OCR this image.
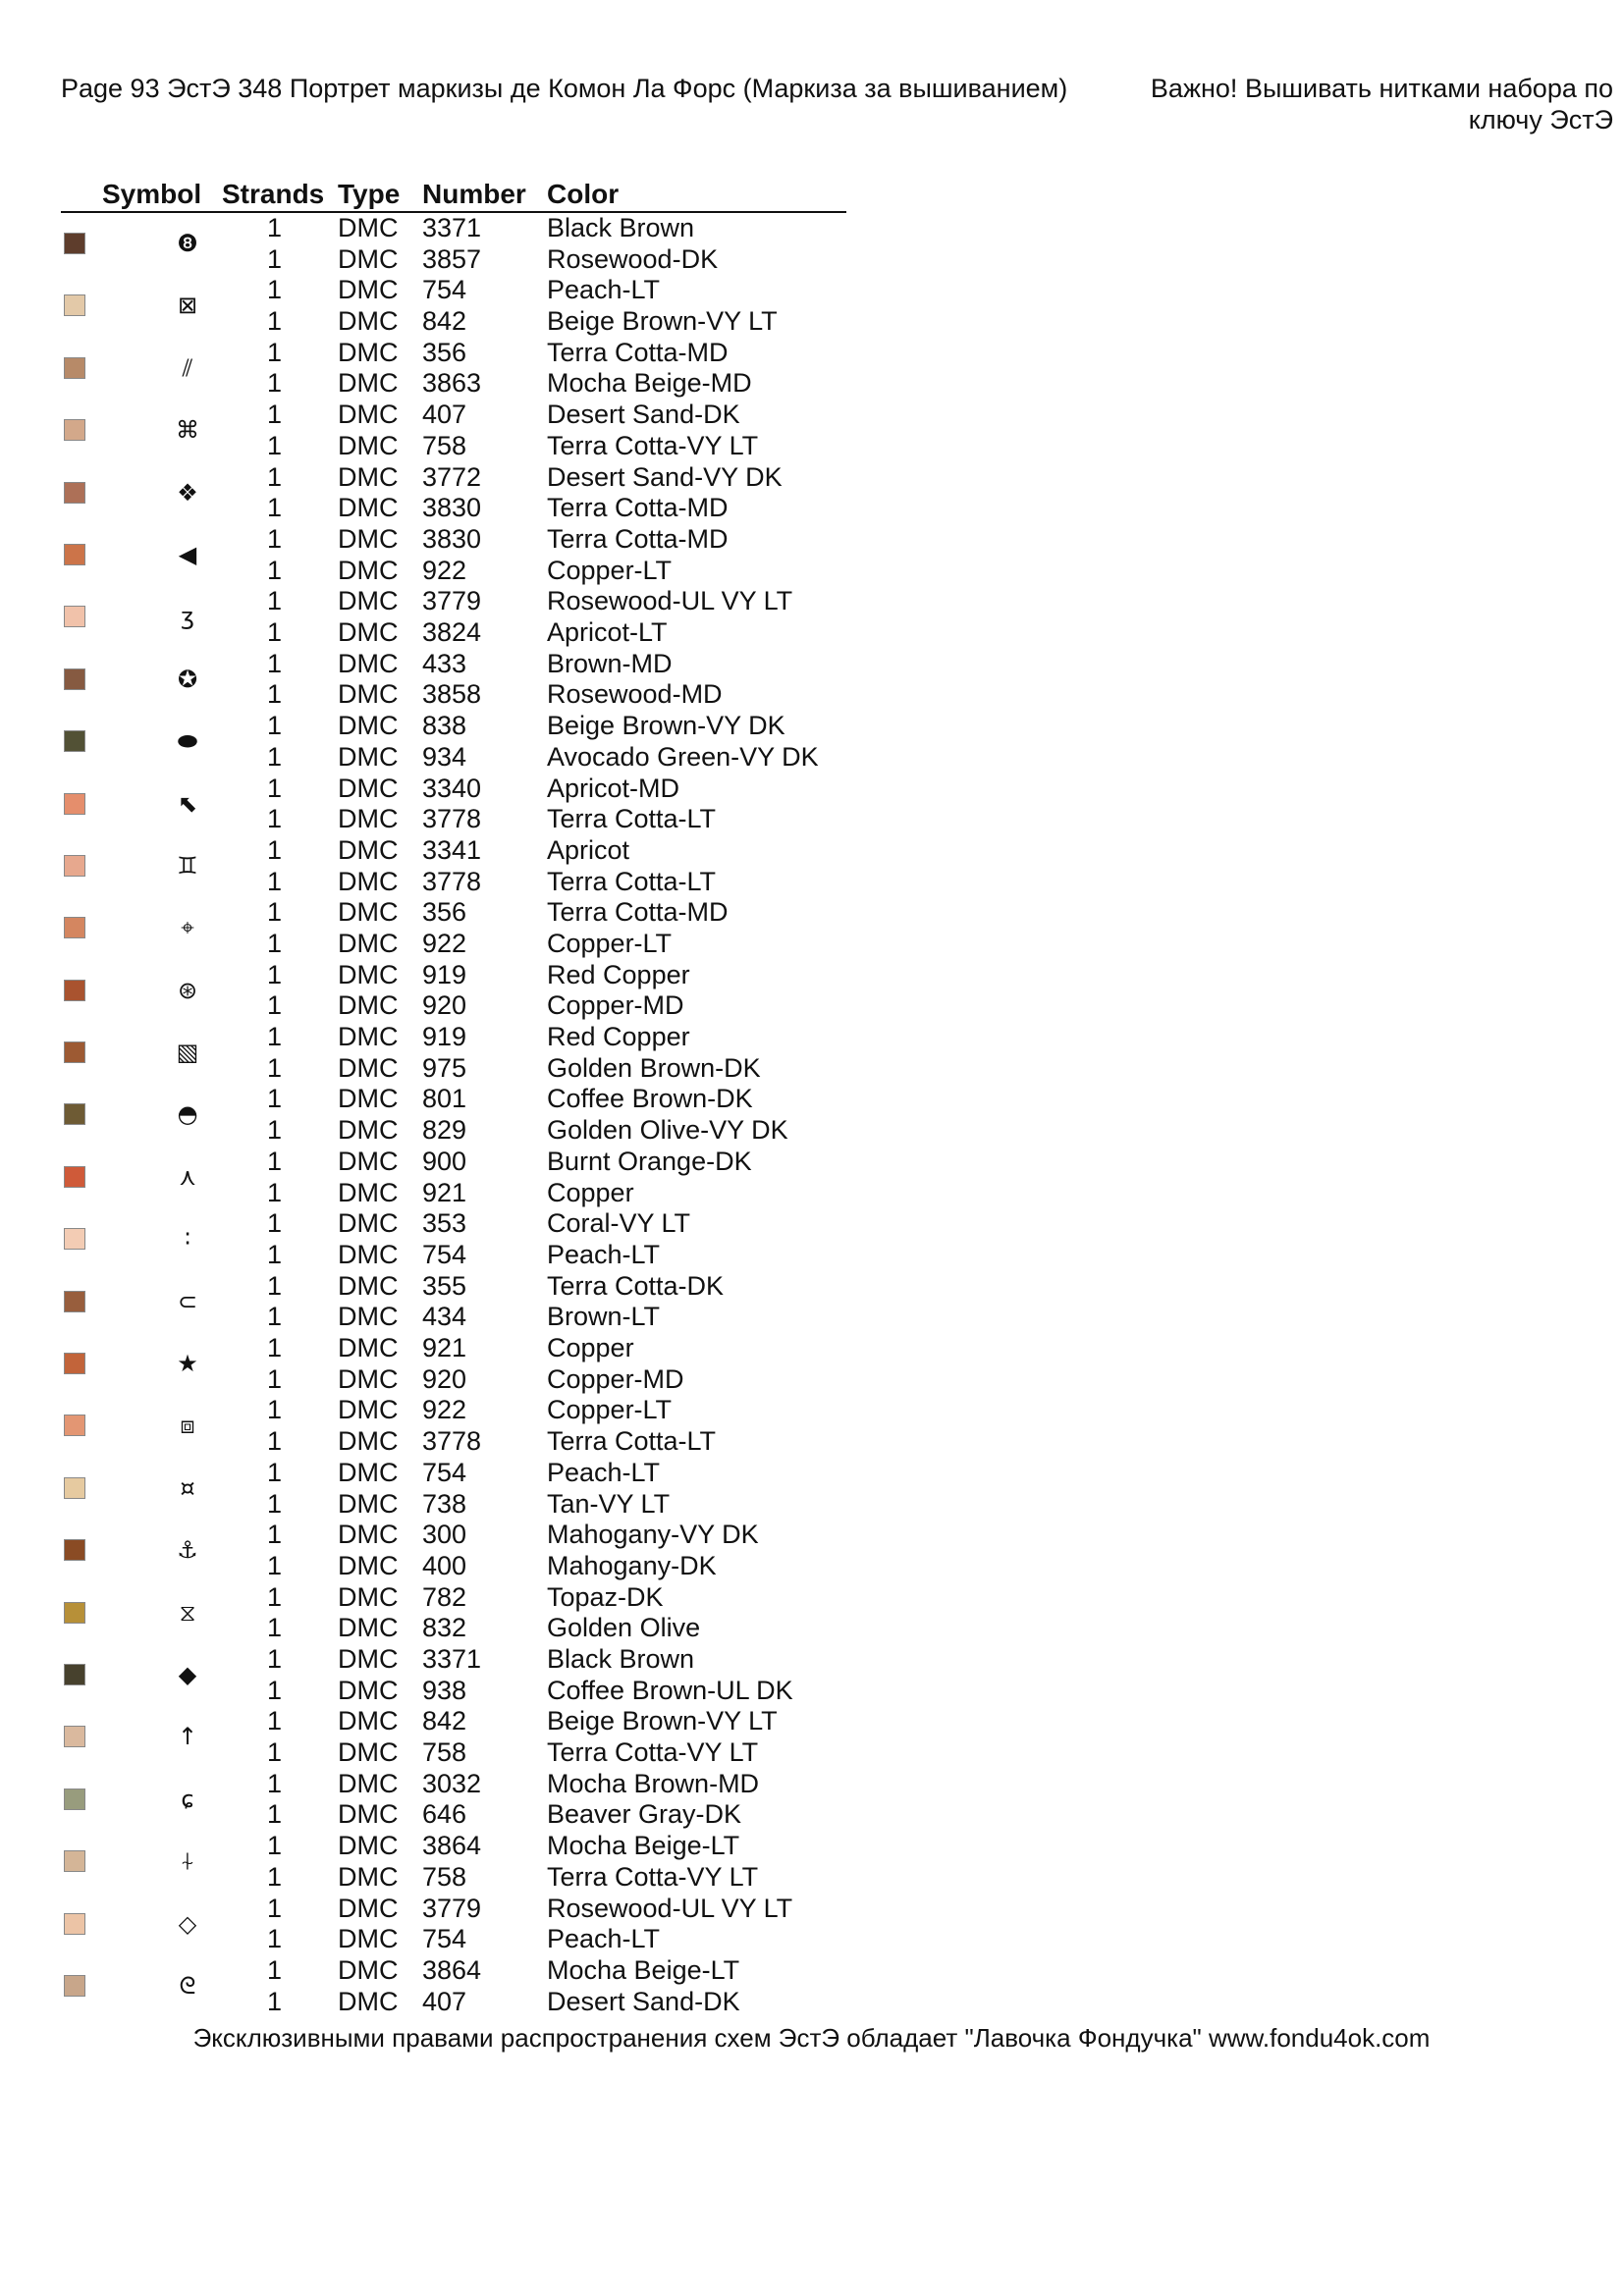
Page 93 ЭстЭ 348 Портрет маркизы де Комон Ла Форс (Маркиза за вышиванием)	Важно! Вышивать нитками набора по ключу ЭстЭ
Symbol Strands Type Number Color
❽
1 DMC 3371 Black Brown
1 DMC 3857 Rosewood-DK
⊠
1 DMC 754	Peach-LT
1 DMC 842	Beige Brown-VY LT
⫽
1 DMC 356	Terra Cotta-MD
1 DMC 3863 Mocha Beige-MD
⌘
1 DMC 407	Desert Sand-DK
1 DMC 758	Terra Cotta-VY LT
❖
1 DMC 3772 Desert Sand-VY DK
1 DMC 3830 Terra Cotta-MD
◀
1 DMC 3830 Terra Cotta-MD
1 DMC 922	Copper-LT
ʒ
1 DMC 3779 Rosewood-UL VY LT
1 DMC 3824 Apricot-LT
✪
1 DMC 433	Brown-MD
1 DMC 3858 Rosewood-MD
⬬
1 DMC 838	Beige Brown-VY DK
1 DMC 934	Avocado Green-VY DK
⬉
1 DMC 3340 Apricot-MD
1 DMC 3778 Terra Cotta-LT
♊
1 DMC 3341 Apricot
1 DMC 3778 Terra Cotta-LT
⌖
1 DMC 356	Terra Cotta-MD
1 DMC 922	Copper-LT
⊛
1 DMC 919	Red Copper
1 DMC 920	Copper-MD
▧
1 DMC 919	Red Copper
1 DMC 975	Golden Brown-DK
◓
1 DMC 801	Coffee Brown-DK
1 DMC 829	Golden Olive-VY DK
⋏
1 DMC 900	Burnt Orange-DK
1 DMC 921	Copper
∶
1 DMC 353	Coral-VY LT
1 DMC 754	Peach-LT
⊂
1 DMC 355	Terra Cotta-DK
1 DMC 434	Brown-LT
★
1 DMC 921	Copper
1 DMC 920	Copper-MD
⧈
1 DMC 922	Copper-LT
1 DMC 3778 Terra Cotta-LT
¤
1 DMC 754	Peach-LT
1 DMC 738	Tan-VY LT
⚓
1 DMC 300	Mahogany-VY DK
1 DMC 400	Mahogany-DK
⧖
1 DMC 782	Topaz-DK
1 DMC 832	Golden Olive
◆
1 DMC 3371 Black Brown
1 DMC 938	Coffee Brown-UL DK
↑
1 DMC 842	Beige Brown-VY LT
1 DMC 758	Terra Cotta-VY LT
ɕ
1 DMC 3032 Mocha Brown-MD
1 DMC 646	Beaver Gray-DK
⍭
1 DMC 3864 Mocha Beige-LT
1 DMC 758	Terra Cotta-VY LT
◇
1 DMC 3779 Rosewood-UL VY LT
1 DMC 754	Peach-LT
ᘓ
1 DMC 3864 Mocha Beige-LT
1 DMC 407	Desert Sand-DK
Эксклюзивными правами распространения схем ЭстЭ обладает "Лавочка Фондучка" www.fondu4ok.com
